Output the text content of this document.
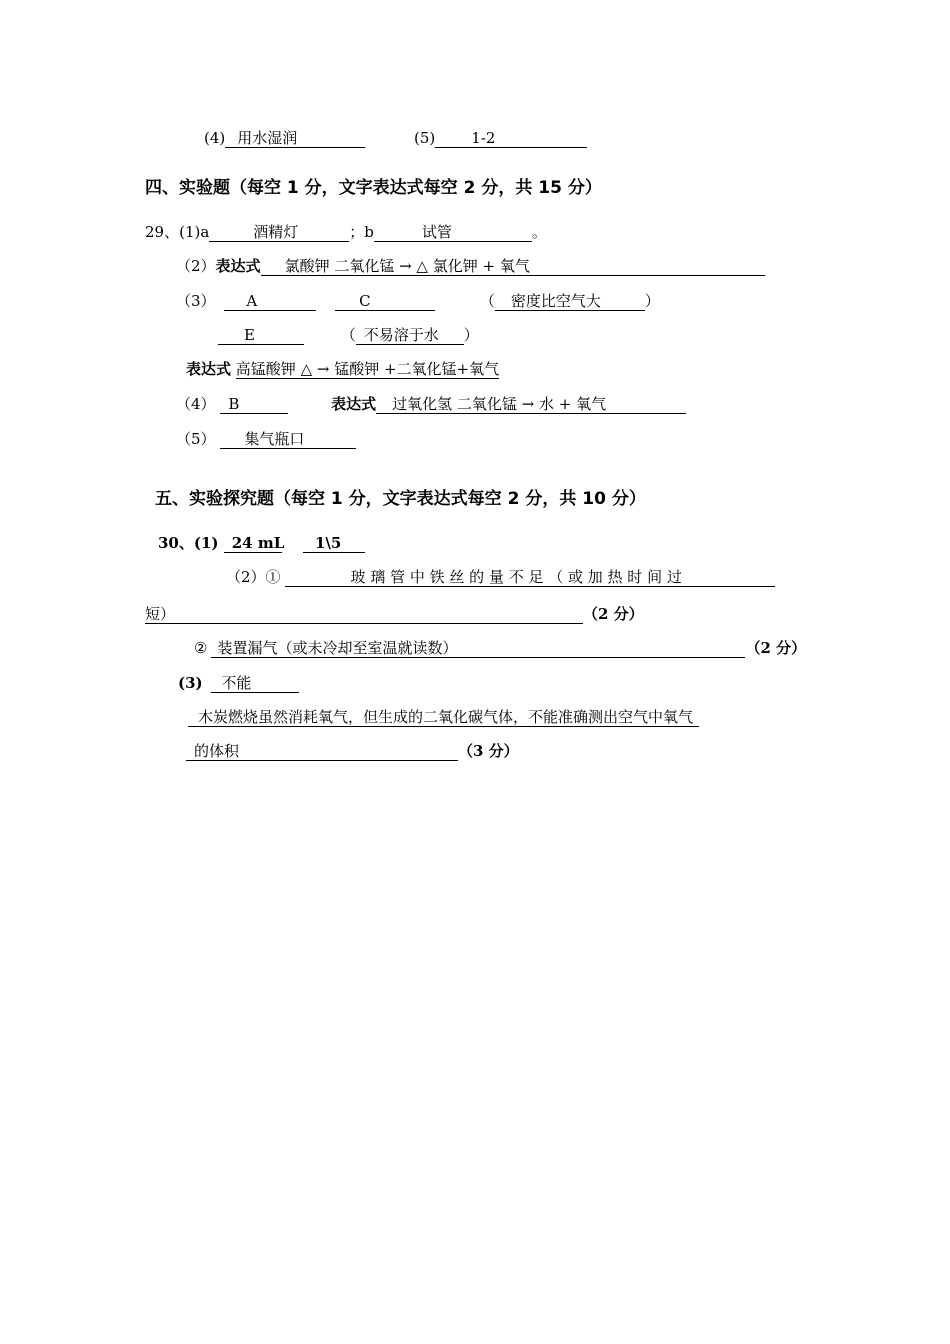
(4) 用水湿润	(5) 1-2
四、实验题（每空 1 分，文字表达式每空 2 分，共 15 分）
29、(1)a	酒精灯	；b	试管	。
（2）表达式 氯酸钾 二氧化锰 → △ 氯化钾 + 氧气
（3） A	C	（ 密度比空气大	）
E	（ 不易溶于水 ）
表达式 高锰酸钾 △ → 锰酸钾 +二氧化锰+氧气
（4） B	表达式 过氧化氢 二氧化锰 → 水 + 氧气
（5） 集气瓶口
五、实验探究题（每空 1 分，文字表达式每空 2 分，共 10 分）
30、(1) 24 mL 1\5
（2）①	玻 璃 管 中 铁 丝 的 量 不 足 （ 或 加 热 时 间 过
短）	（2 分）
② 装置漏气（或未冷却至室温就读数）	（2 分）
(3) 不能
木炭燃烧虽然消耗氧气，但生成的二氧化碳气体，不能准确测出空气中氧气
的体积	（3 分）
